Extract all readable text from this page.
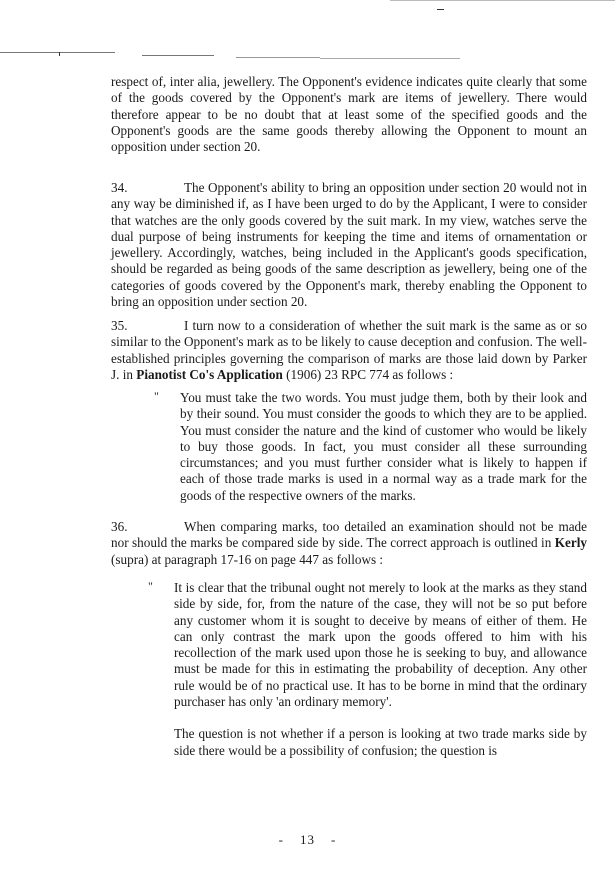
respect of, inter alia, jewellery. The Opponent's evidence indicates quite clearly that some of the goods covered by the Opponent's mark are items of jewellery. There would therefore appear to be no doubt that at least some of the specified goods and the Opponent's goods are the same goods thereby allowing the Opponent to mount an opposition under section 20.

34.	The Opponent's ability to bring an opposition under section 20 would not in any way be diminished if, as I have been urged to do by the Applicant, I were to consider that watches are the only goods covered by the suit mark. In my view, watches serve the dual purpose of being instruments for keeping the time and items of ornamentation or jewellery. Accordingly, watches, being included in the Applicant's goods specification, should be regarded as being goods of the same description as jewellery, being one of the categories of goods covered by the Opponent's mark, thereby enabling the Opponent to bring an opposition under section 20.

35.	I turn now to a consideration of whether the suit mark is the same as or so similar to the Opponent's mark as to be likely to cause deception and confusion. The well-established principles governing the comparison of marks are those laid down by Parker J. in Pianotist Co's Application (1906) 23 RPC 774 as follows :

" You must take the two words. You must judge them, both by their look and by their sound. You must consider the goods to which they are to be applied. You must consider the nature and the kind of customer who would be likely to buy those goods. In fact, you must consider all these surrounding circumstances; and you must further consider what is likely to happen if each of those trade marks is used in a normal way as a trade mark for the goods of the respective owners of the marks.

36.	When comparing marks, too detailed an examination should not be made nor should the marks be compared side by side. The correct approach is outlined in Kerly (supra) at paragraph 17-16 on page 447 as follows :

" It is clear that the tribunal ought not merely to look at the marks as they stand side by side, for, from the nature of the case, they will not be so put before any customer whom it is sought to deceive by means of either of them. He can only contrast the mark upon the goods offered to him with his recollection of the mark used upon those he is seeking to buy, and allowance must be made for this in estimating the probability of deception. Any other rule would be of no practical use. It has to be borne in mind that the ordinary purchaser has only 'an ordinary memory'.

The question is not whether if a person is looking at two trade marks side by side there would be a possibility of confusion; the question is

- 13 -
